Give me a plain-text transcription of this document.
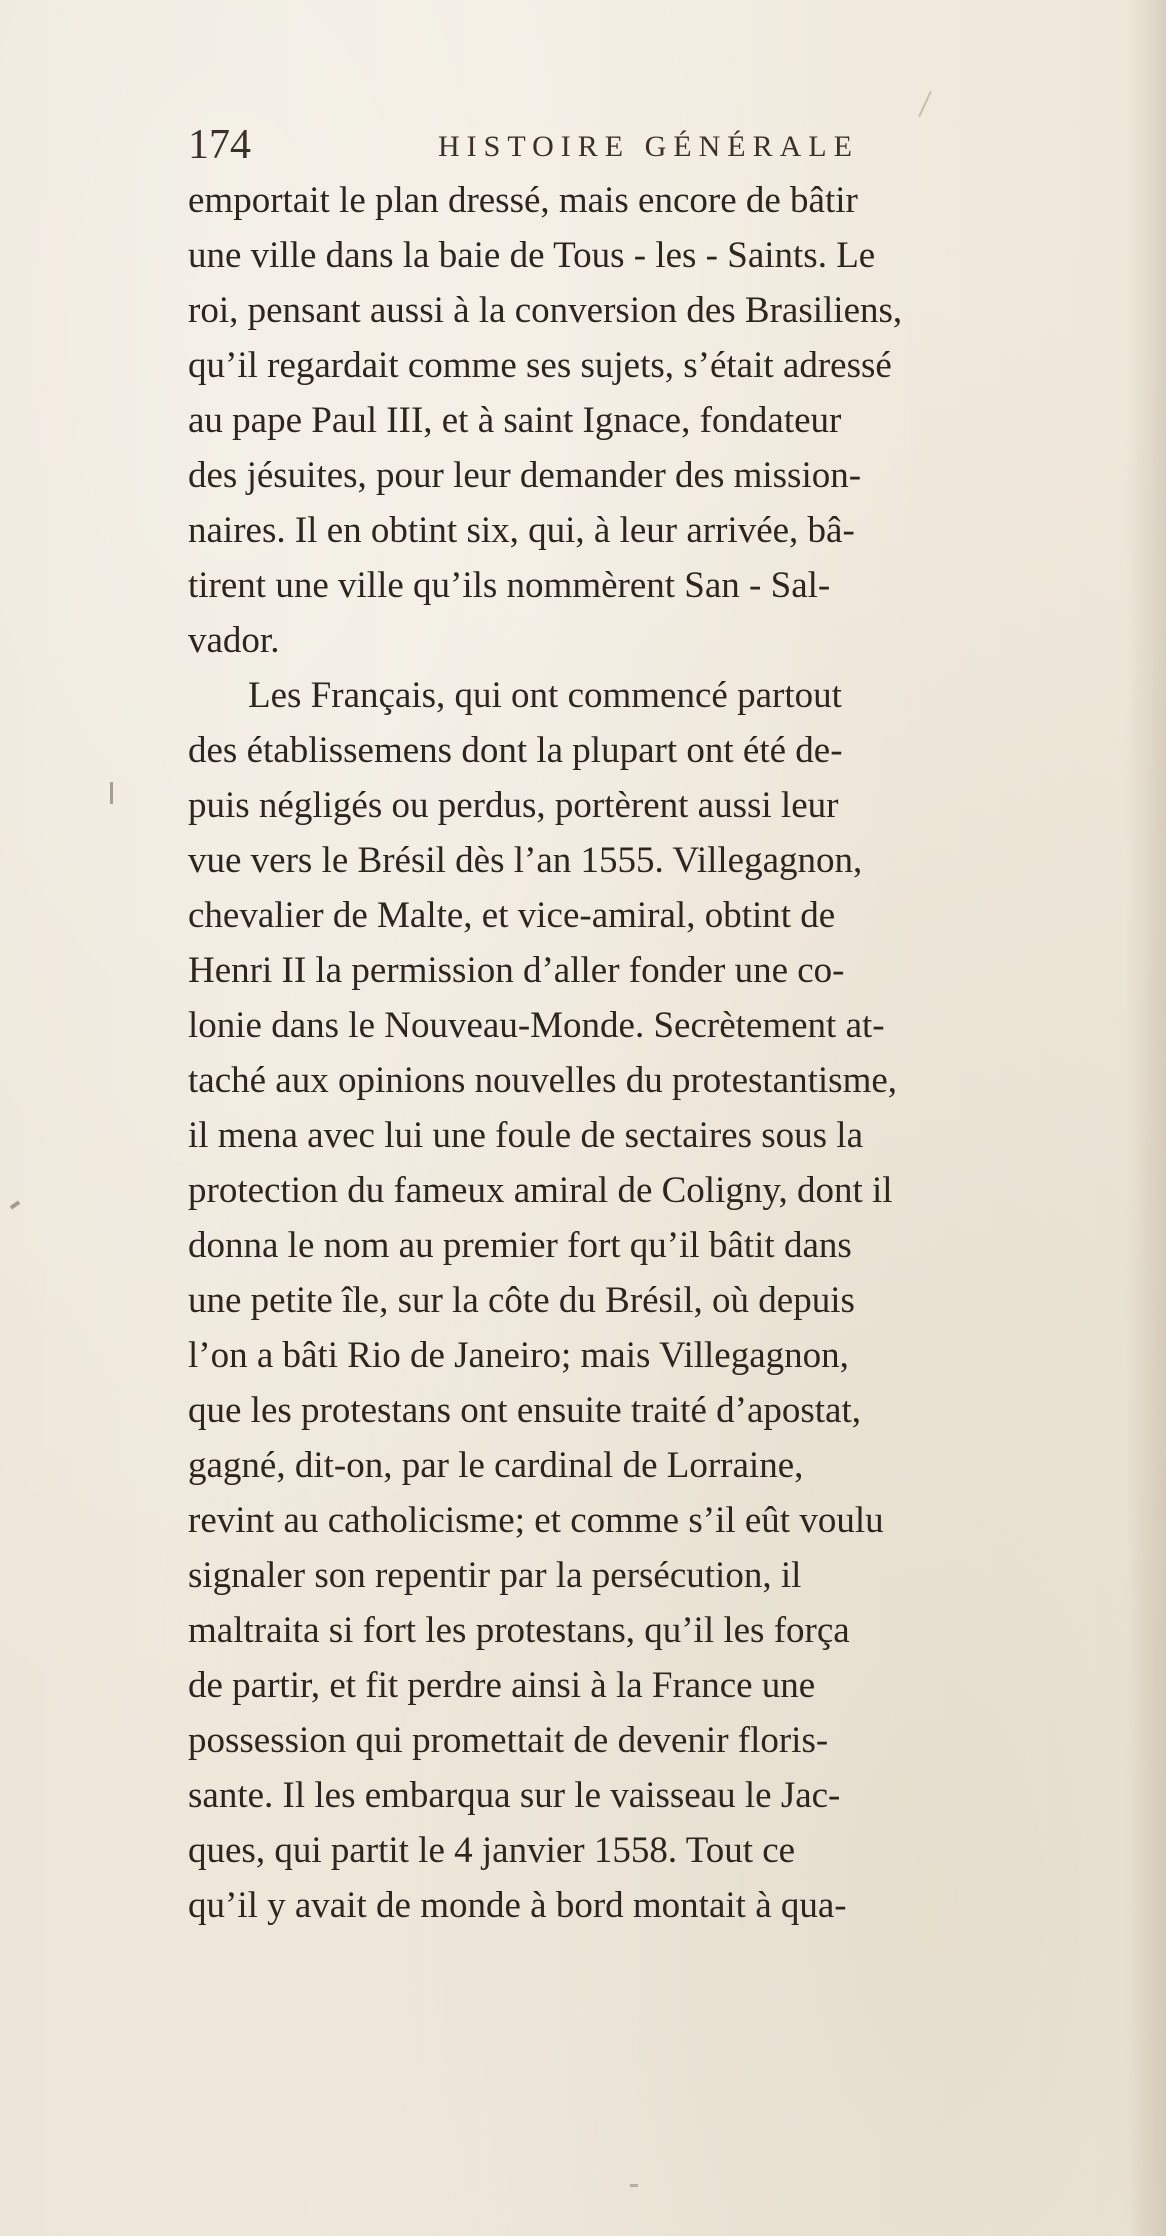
174	HISTOIRE GÉNÉRALE
emportait le plan dressé, mais encore de bâtir
une ville dans la baie de Tous - les - Saints. Le
roi, pensant aussi à la conversion des Brasiliens,
qu’il regardait comme ses sujets, s’était adressé
au pape Paul III, et à saint Ignace, fondateur
des jésuites, pour leur demander des mission-
naires. Il en obtint six, qui, à leur arrivée, bâ-
tirent une ville qu’ils nommèrent San - Sal-
vador.
Les Français, qui ont commencé partout
des établissemens dont la plupart ont été de-
puis négligés ou perdus, portèrent aussi leur
vue vers le Brésil dès l’an 1555. Villegagnon,
chevalier de Malte, et vice-amiral, obtint de
Henri II la permission d’aller fonder une co-
lonie dans le Nouveau-Monde. Secrètement at-
taché aux opinions nouvelles du protestantisme,
il mena avec lui une foule de sectaires sous la
protection du fameux amiral de Coligny, dont il
donna le nom au premier fort qu’il bâtit dans
une petite île, sur la côte du Brésil, où depuis
l’on a bâti Rio de Janeiro; mais Villegagnon,
que les protestans ont ensuite traité d’apostat,
gagné, dit-on, par le cardinal de Lorraine,
revint au catholicisme; et comme s’il eût voulu
signaler son repentir par la persécution, il
maltraita si fort les protestans, qu’il les força
de partir, et fit perdre ainsi à la France une
possession qui promettait de devenir floris-
sante. Il les embarqua sur le vaisseau le Jac-
ques, qui partit le 4 janvier 1558. Tout ce
qu’il y avait de monde à bord montait à qua-
